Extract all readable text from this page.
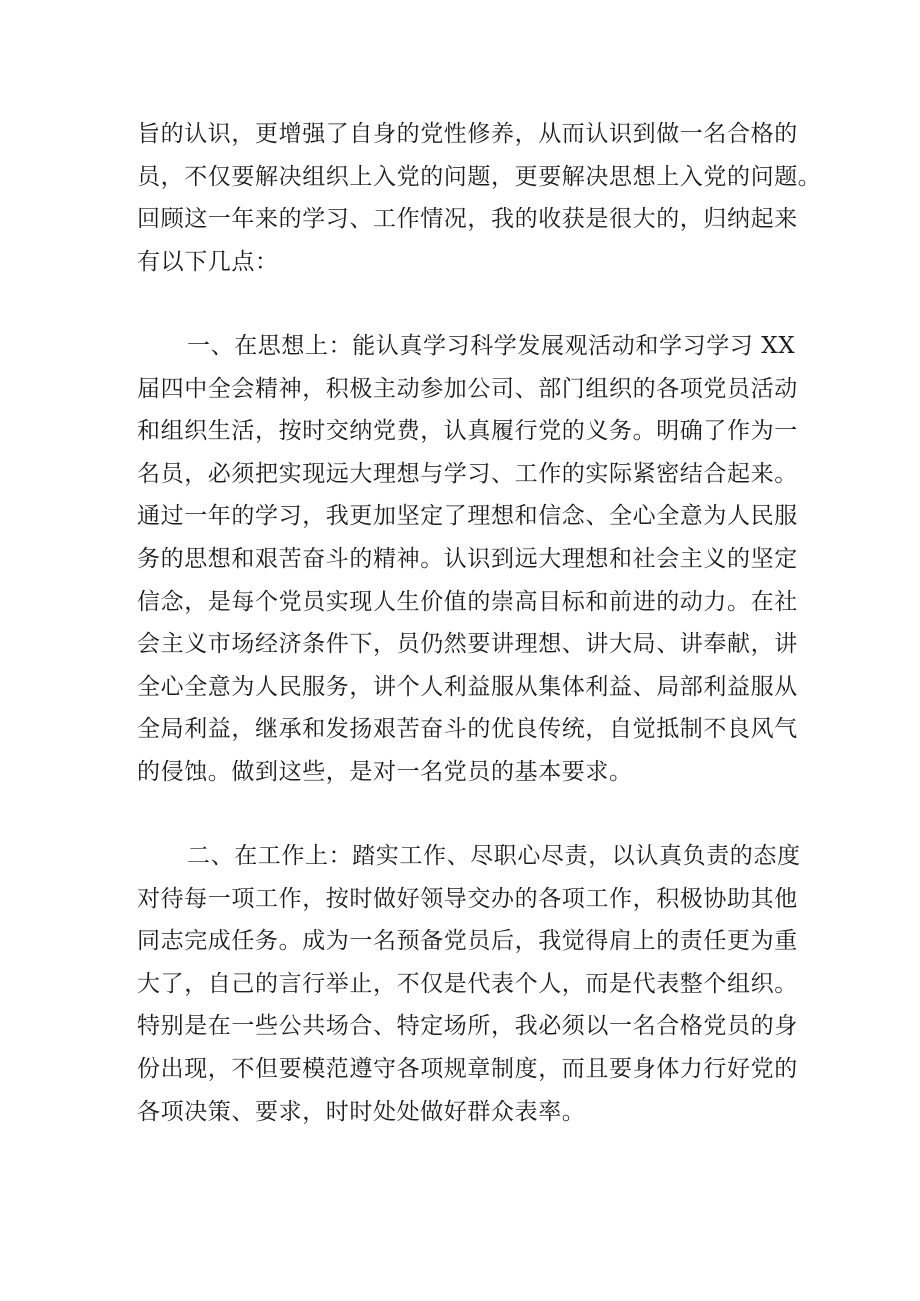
旨的认识，更增强了自身的党性修养，从而认识到做一名合格的
员，不仅要解决组织上入党的问题，更要解决思想上入党的问题。
回顾这一年来的学习、工作情况，我的收获是很大的，归纳起来
有以下几点：
一、在思想上：能认真学习科学发展观活动和学习学习 XX
届四中全会精神，积极主动参加公司、部门组织的各项党员活动
和组织生活，按时交纳党费，认真履行党的义务。明确了作为一
名员，必须把实现远大理想与学习、工作的实际紧密结合起来。
通过一年的学习，我更加坚定了理想和信念、全心全意为人民服
务的思想和艰苦奋斗的精神。认识到远大理想和社会主义的坚定
信念，是每个党员实现人生价值的崇高目标和前进的动力。在社
会主义市场经济条件下，员仍然要讲理想、讲大局、讲奉献，讲
全心全意为人民服务，讲个人利益服从集体利益、局部利益服从
全局利益，继承和发扬艰苦奋斗的优良传统，自觉抵制不良风气
的侵蚀。做到这些，是对一名党员的基本要求。
二、在工作上：踏实工作、尽职心尽责，以认真负责的态度
对待每一项工作，按时做好领导交办的各项工作，积极协助其他
同志完成任务。成为一名预备党员后，我觉得肩上的责任更为重
大了，自己的言行举止，不仅是代表个人，而是代表整个组织。
特别是在一些公共场合、特定场所，我必须以一名合格党员的身
份出现，不但要模范遵守各项规章制度，而且要身体力行好党的
各项决策、要求，时时处处做好群众表率。
